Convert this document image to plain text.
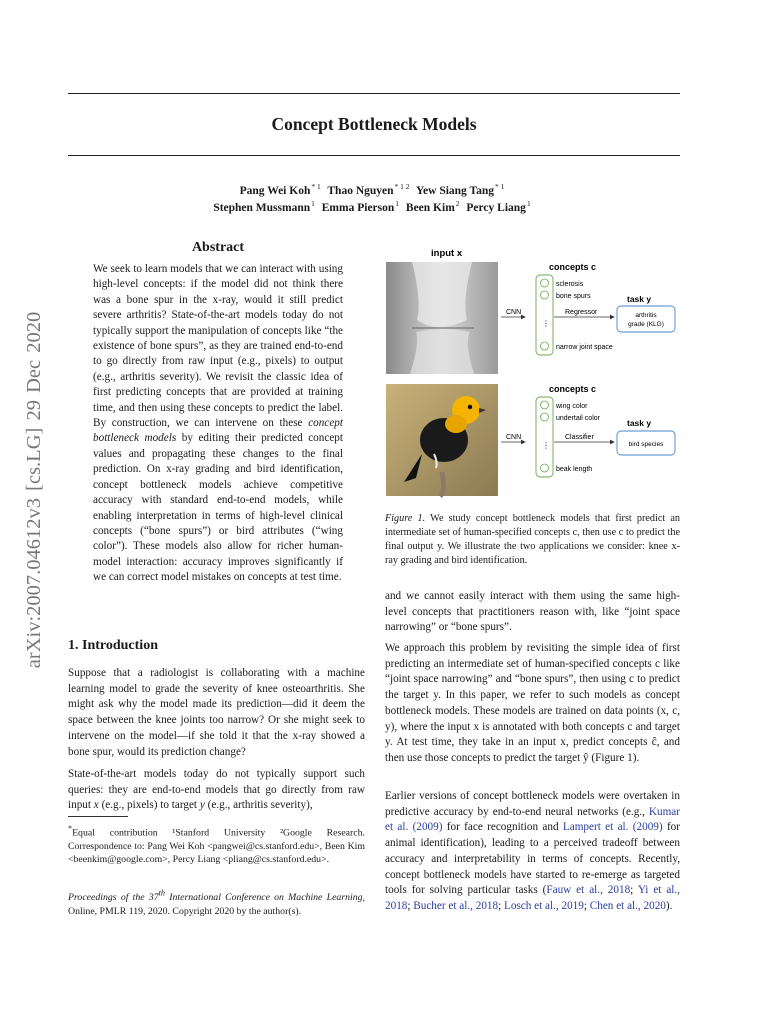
Concept Bottleneck Models
Pang Wei Koh$^{* 1}$ Thao Nguyen$^{* 1 2}$ Yew Siang Tang$^{* 1}$
Stephen Mussmann$^1$ Emma Pierson$^1$ Been Kim$^2$ Percy Liang$^1$
arXiv:2007.04612v3 [cs.LG] 29 Dec 2020
Abstract
We seek to learn models that we can interact with using high-level concepts: if the model did not think there was a bone spur in the x-ray, would it still predict severe arthritis? State-of-the-art models today do not typically support the manipulation of concepts like “the existence of bone spurs”, as they are trained end-to-end to go directly from raw input (e.g., pixels) to output (e.g., arthritis severity). We revisit the classic idea of first predicting concepts that are provided at training time, and then using these concepts to predict the label. By construction, we can intervene on these concept bottleneck models by editing their predicted concept values and propagating these changes to the final prediction. On x-ray grading and bird identification, concept bottleneck models achieve competitive accuracy with standard end-to-end models, while enabling interpretation in terms of high-level clinical concepts (“bone spurs”) or bird attributes (“wing color”). These models also allow for richer human-model interaction: accuracy improves significantly if we can correct model mistakes on concepts at test time.
1. Introduction
Suppose that a radiologist is collaborating with a machine learning model to grade the severity of knee osteoarthritis. She might ask why the model made its prediction—did it deem the space between the knee joints too narrow? Or she might seek to intervene on the model—if she told it that the x-ray showed a bone spur, would its prediction change?
State-of-the-art models today do not typically support such queries: they are end-to-end models that go directly from raw input x (e.g., pixels) to target y (e.g., arthritis severity),
*Equal contribution ¹Stanford University ²Google Research. Correspondence to: Pang Wei Koh <pangwei@cs.stanford.edu>, Been Kim <beenkim@google.com>, Percy Liang <pliang@cs.stanford.edu>.
Proceedings of the 37th International Conference on Machine Learning, Online, PMLR 119, 2020. Copyright 2020 by the author(s).
input x
concepts c
CNN
⋮
sclerosis
bone spurs
narrow joint space
Regressor
task y
arthritis
grade (KLG)
concepts c
CNN
⋮
wing color
undertail color
beak length
Classifier
task y
bird species
Figure 1. We study concept bottleneck models that first predict an intermediate set of human-specified concepts c, then use c to predict the final output y. We illustrate the two applications we consider: knee x-ray grading and bird identification.
and we cannot easily interact with them using the same high-level concepts that practitioners reason with, like “joint space narrowing” or “bone spurs”.
We approach this problem by revisiting the simple idea of first predicting an intermediate set of human-specified concepts c like “joint space narrowing” and “bone spurs”, then using c to predict the target y. In this paper, we refer to such models as concept bottleneck models. These models are trained on data points (x, c, y), where the input x is annotated with both concepts c and target y. At test time, they take in an input x, predict concepts ĉ, and then use those concepts to predict the target ŷ (Figure 1).
Earlier versions of concept bottleneck models were overtaken in predictive accuracy by end-to-end neural networks (e.g., Kumar et al. (2009) for face recognition and Lampert et al. (2009) for animal identification), leading to a perceived tradeoff between accuracy and interpretability in terms of concepts. Recently, concept bottleneck models have started to re-emerge as targeted tools for solving particular tasks (Fauw et al., 2018; Yi et al., 2018; Bucher et al., 2018; Losch et al., 2019; Chen et al., 2020).
